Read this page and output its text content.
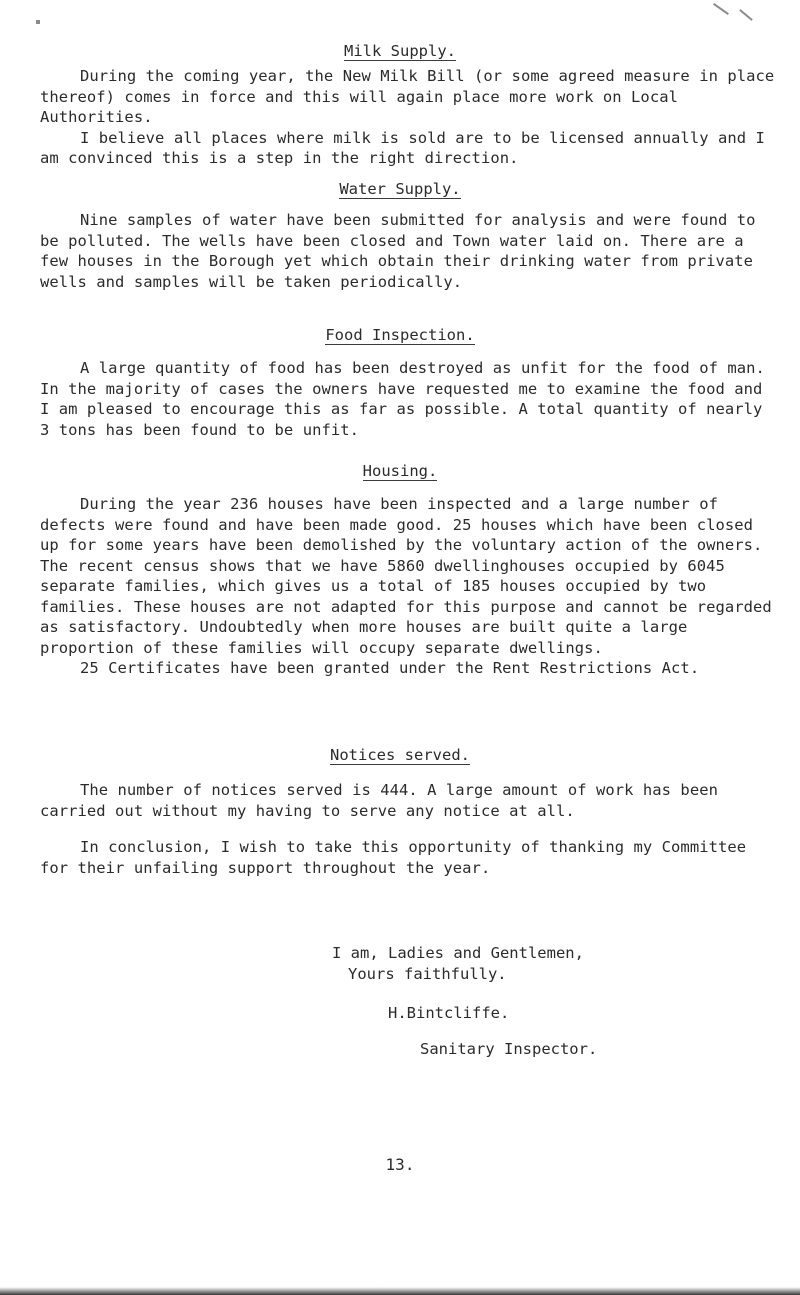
Milk Supply.

During the coming year, the New Milk Bill (or some agreed measure in place thereof) comes in force and this will again place more work on Local Authorities.

I believe all places where milk is sold are to be licensed annually and I am convinced this is a step in the right direction.

Water Supply.

Nine samples of water have been submitted for analysis and were found to be polluted. The wells have been closed and Town water laid on. There are a few houses in the Borough yet which obtain their drinking water from private wells and samples will be taken periodically.

Food Inspection.

A large quantity of food has been destroyed as unfit for the food of man. In the majority of cases the owners have requested me to examine the food and I am pleased to encourage this as far as possible. A total quantity of nearly 3 tons has been found to be unfit.

Housing.

During the year 236 houses have been inspected and a large number of defects were found and have been made good. 25 houses which have been closed up for some years have been demolished by the voluntary action of the owners. The recent census shows that we have 5860 dwellinghouses occupied by 6045 separate families, which gives us a total of 185 houses occupied by two families. These houses are not adapted for this purpose and cannot be regarded as satisfactory. Undoubtedly when more houses are built quite a large proportion of these families will occupy separate dwellings.

25 Certificates have been granted under the Rent Restrictions Act.

Notices served.

The number of notices served is 444. A large amount of work has been carried out without my having to serve any notice at all.

In conclusion, I wish to take this opportunity of thanking my Committee for their unfailing support throughout the year.

I am, Ladies and Gentlemen,
Yours faithfully.
H.Bintcliffe.
Sanitary Inspector.
13.
